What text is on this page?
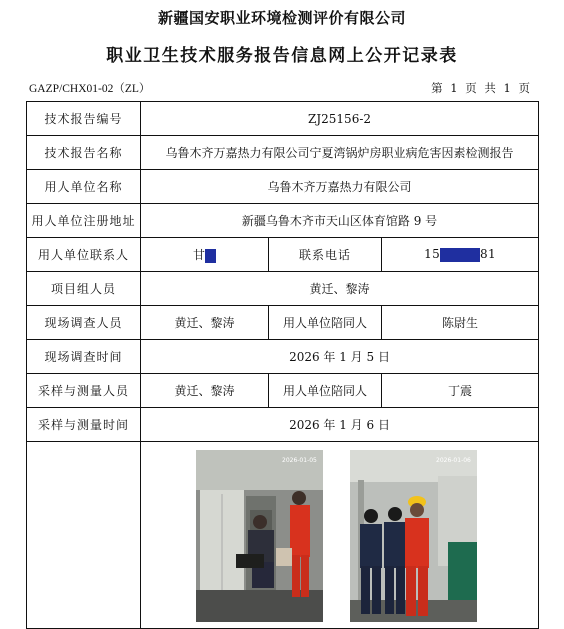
新疆国安职业环境检测评价有限公司
职业卫生技术服务报告信息网上公开记录表
GAZP/CHX01-02（ZL）	第 1 页 共 1 页
技术报告编号	ZJ25156-2		
技术报告名称	乌鲁木齐万嘉热力有限公司宁夏湾锅炉房职业病危害因素检测报告		
用人单位名称	乌鲁木齐万嘉热力有限公司		
用人单位注册地址	新疆乌鲁木齐市天山区体育馆路 9 号		
用人单位联系人	甘	联系电话	15 81
项目组人员	黄迁、黎涛		
现场调查人员	黄迁、黎涛	用人单位陪同人	陈尉生
现场调查时间	2026 年 1 月 5 日		
采样与测量人员	黄迁、黎涛	用人单位陪同人	丁震
采样与测量时间	2026 年 1 月 6 日		

2026-01-05 2026-01-06		
